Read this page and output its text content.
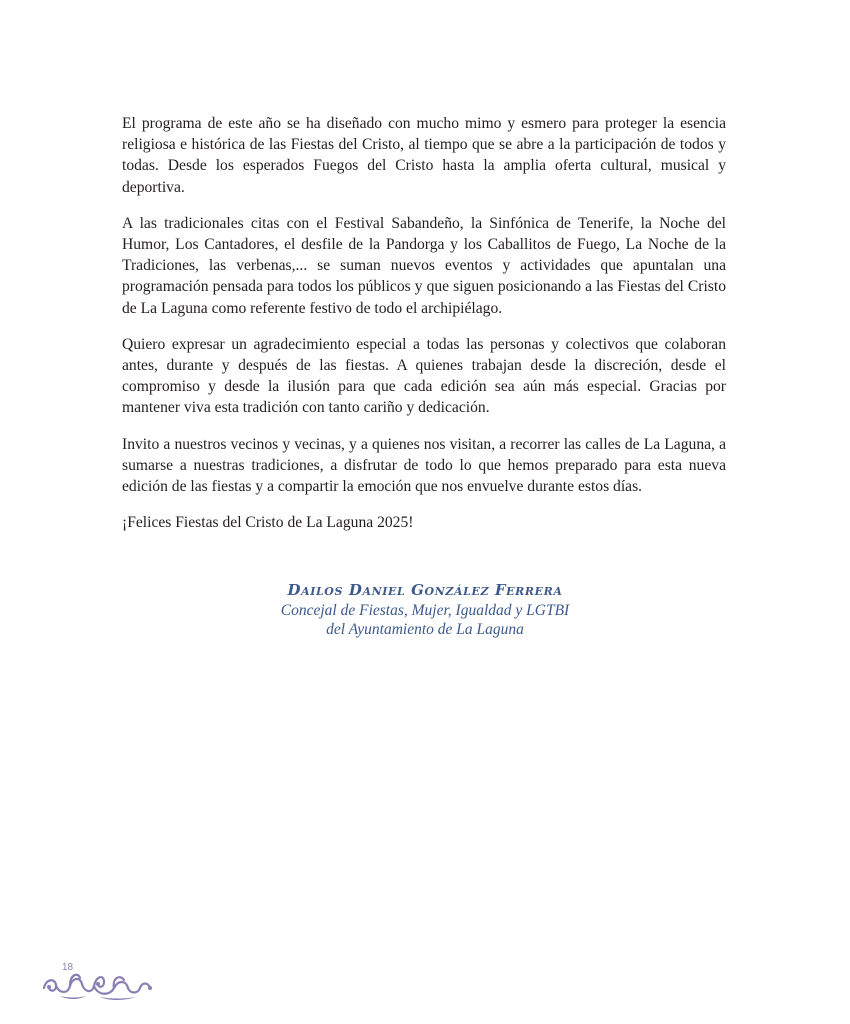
El programa de este año se ha diseñado con mucho mimo y esmero para proteger la esencia religiosa e histórica de las Fiestas del Cristo, al tiempo que se abre a la participación de todos y todas. Desde los esperados Fuegos del Cristo hasta la amplia oferta cultural, musical y deportiva.

A las tradicionales citas con el Festival Sabandeño, la Sinfónica de Tenerife, la Noche del Humor, Los Cantadores, el desfile de la Pandorga y los Caballitos de Fuego, La Noche de la Tradiciones, las verbenas,... se suman nuevos eventos y actividades que apuntalan una programación pensada para todos los públicos y que siguen posicionando a las Fiestas del Cristo de La Laguna como referente festivo de todo el archipiélago.

Quiero expresar un agradecimiento especial a todas las personas y colectivos que colaboran antes, durante y después de las fiestas. A quienes trabajan desde la discreción, desde el compromiso y desde la ilusión para que cada edición sea aún más especial. Gracias por mantener viva esta tradición con tanto cariño y dedicación.

Invito a nuestros vecinos y vecinas, y a quienes nos visitan, a recorrer las calles de La Laguna, a sumarse a nuestras tradiciones, a disfrutar de todo lo que hemos preparado para esta nueva edición de las fiestas y a compartir la emoción que nos envuelve durante estos días.

¡Felices Fiestas del Cristo de La Laguna 2025!

Dailos Daniel González Ferrera
Concejal de Fiestas, Mujer, Igualdad y LGTBI
del Ayuntamiento de La Laguna
18
